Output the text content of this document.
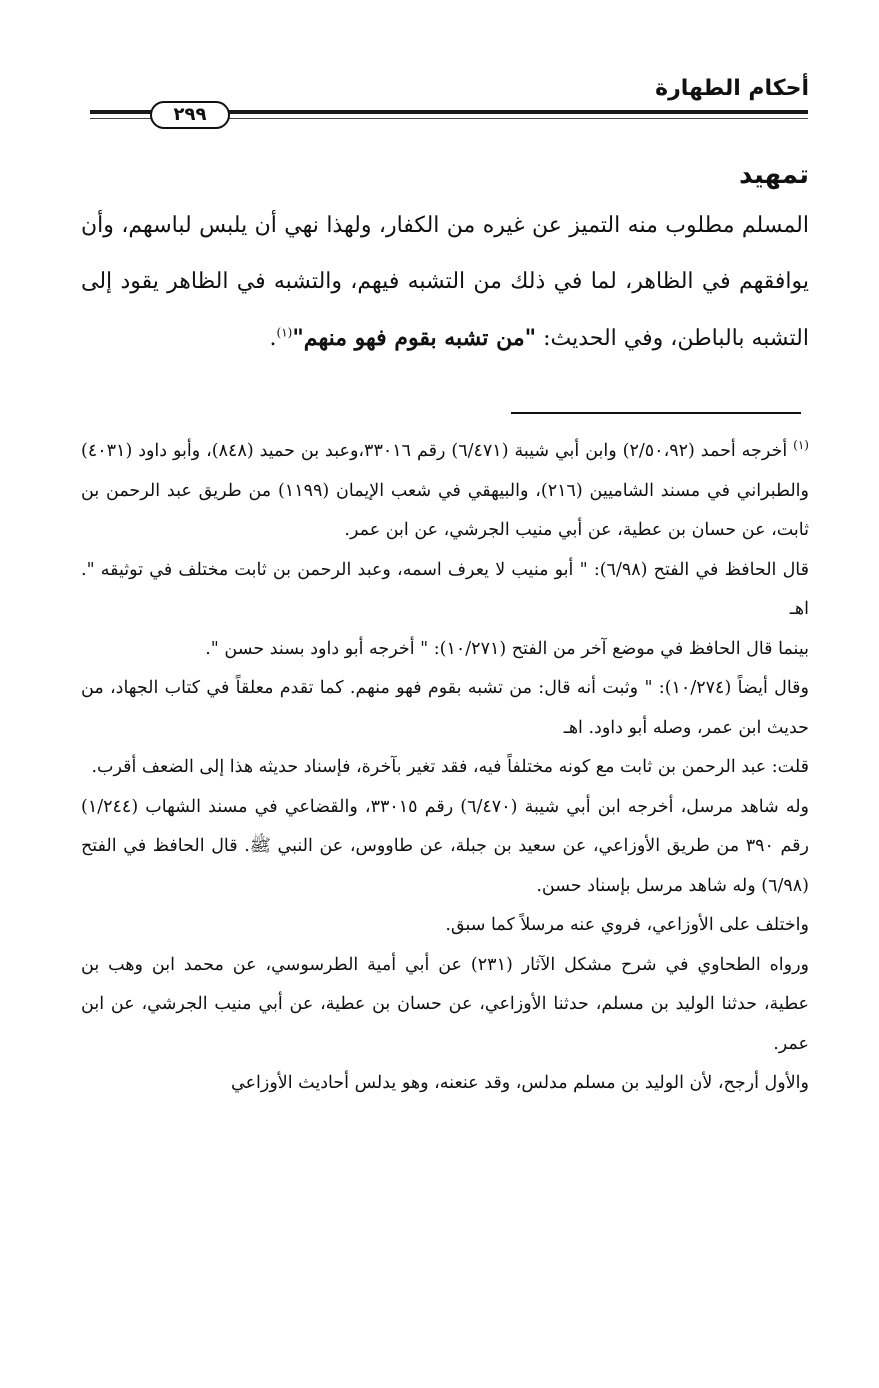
أحكام الطهارة
٢٩٩
تمهيد
المسلم مطلوب منه التميز عن غيره من الكفار، ولهذا نهي أن يلبس لباسهم، وأن يوافقهم في الظاهر، لما في ذلك من التشبه فيهم، والتشبه في الظاهر يقود إلى التشبه بالباطن، وفي الحديث: "من تشبه بقوم فهو منهم"$^{(١)}$.

$^{(١)}$ أخرجه أحمد (٢/٥٠،٩٢) وابن أبي شيبة (٦/٤٧١) رقم ٣٣٠١٦،وعبد بن حميد (٨٤٨)، وأبو داود (٤٠٣١) والطبراني في مسند الشاميين (٢١٦)، والبيهقي في شعب الإيمان (١١٩٩) من طريق عبد الرحمن بن ثابت، عن حسان بن عطية، عن أبي منيب الجرشي، عن ابن عمر.

قال الحافظ في الفتح (٦/٩٨): " أبو منيب لا يعرف اسمه، وعبد الرحمن بن ثابت مختلف في توثيقه ". اهـ

بينما قال الحافظ في موضع آخر من الفتح (١٠/٢٧١): " أخرجه أبو داود بسند حسن ".

وقال أيضاً (١٠/٢٧٤): " وثبت أنه قال: من تشبه بقوم فهو منهم. كما تقدم معلقاً في كتاب الجهاد، من حديث ابن عمر، وصله أبو داود. اهـ

قلت: عبد الرحمن بن ثابت مع كونه مختلفاً فيه، فقد تغير بآخرة، فإسناد حديثه هذا إلى الضعف أقرب.

وله شاهد مرسل، أخرجه ابن أبي شيبة (٦/٤٧٠) رقم ٣٣٠١٥، والقضاعي في مسند الشهاب (١/٢٤٤) رقم ٣٩٠ من طريق الأوزاعي، عن سعيد بن جبلة، عن طاووس، عن النبي ﷺ. قال الحافظ في الفتح (٦/٩٨) وله شاهد مرسل بإسناد حسن.

واختلف على الأوزاعي، فروي عنه مرسلاً كما سبق.

ورواه الطحاوي في شرح مشكل الآثار (٢٣١) عن أبي أمية الطرسوسي، عن محمد ابن وهب بن عطية، حدثنا الوليد بن مسلم، حدثنا الأوزاعي، عن حسان بن عطية، عن أبي منيب الجرشي، عن ابن عمر.

والأول أرجح، لأن الوليد بن مسلم مدلس، وقد عنعنه، وهو يدلس أحاديث الأوزاعي
